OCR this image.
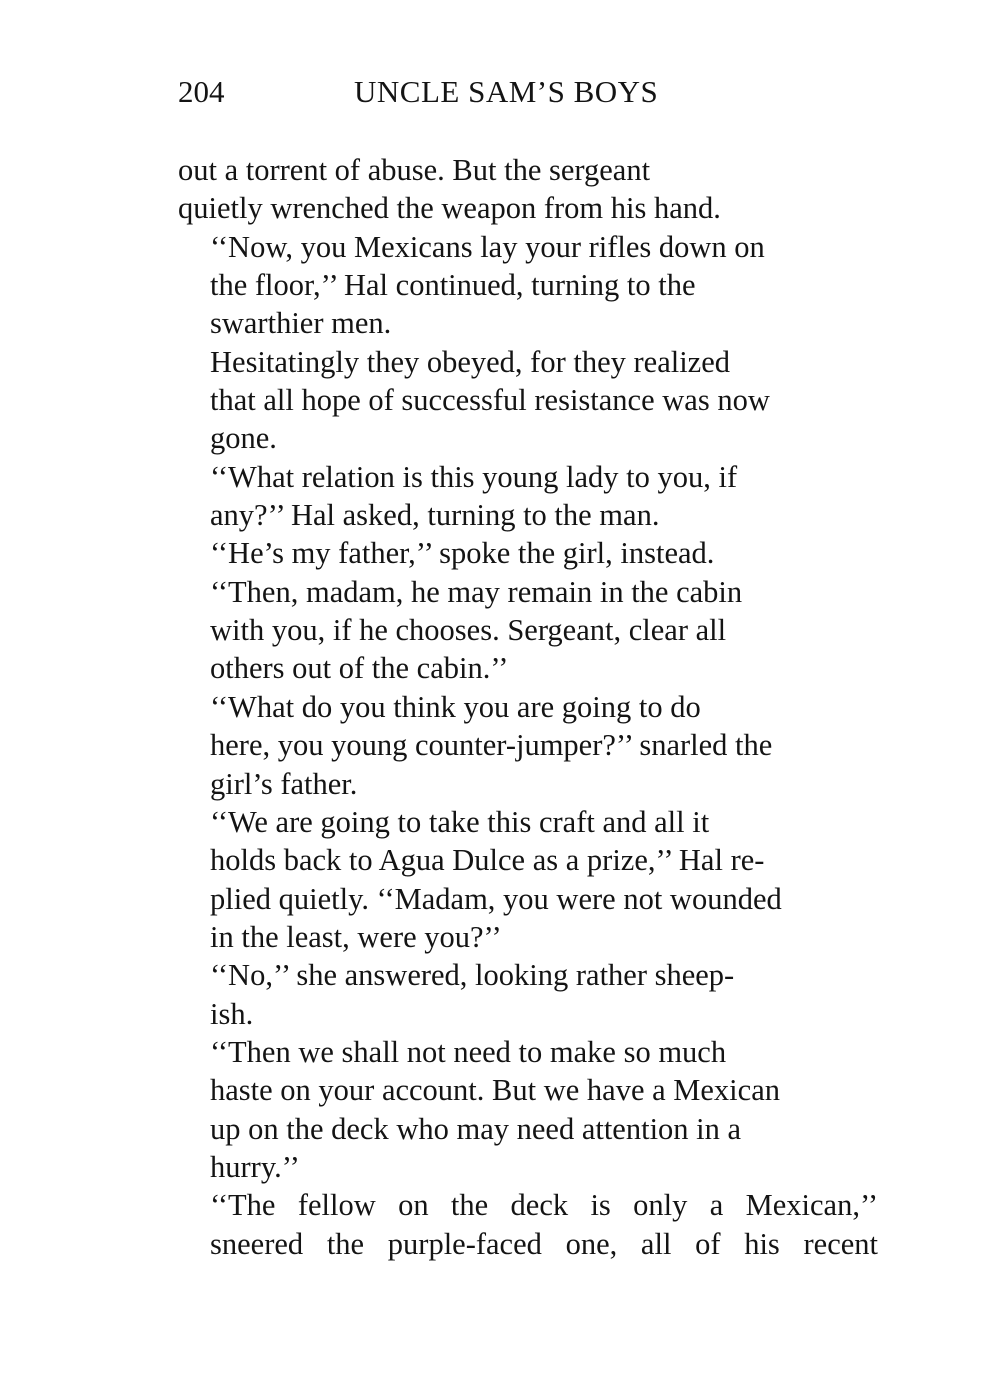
204	UNCLE SAM’S BOYS

out a torrent of abuse. But the sergeant
quietly wrenched the weapon from his hand.

‘‘Now, you Mexicans lay your rifles down on
the floor,’’ Hal continued, turning to the
swarthier men.

Hesitatingly they obeyed, for they realized
that all hope of successful resistance was now
gone.

‘‘What relation is this young lady to you, if
any?’’ Hal asked, turning to the man.

‘‘He’s my father,’’ spoke the girl, instead.

‘‘Then, madam, he may remain in the cabin
with you, if he chooses. Sergeant, clear all
others out of the cabin.’’

‘‘What do you think you are going to do
here, you young counter-jumper?’’ snarled the
girl’s father.

‘‘We are going to take this craft and all it
holds back to Agua Dulce as a prize,’’ Hal re-
plied quietly. ‘‘Madam, you were not wounded
in the least, were you?’’

‘‘No,’’ she answered, looking rather sheep-
ish.

‘‘Then we shall not need to make so much
haste on your account. But we have a Mexican
up on the deck who may need attention in a
hurry.’’

‘‘The fellow on the deck is only a Mexican,’’
sneered the purple-faced one, all of his recent
